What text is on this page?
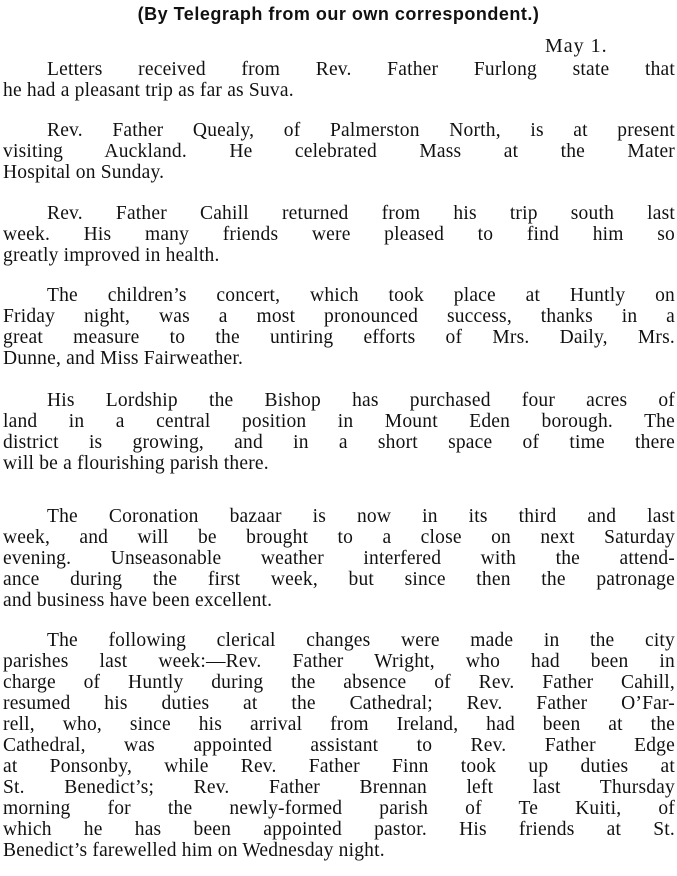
(By Telegraph from our own correspondent.)
May 1.
Letters received from Rev. Father Furlong state that
he had a pleasant trip as far as Suva.
Rev. Father Quealy, of Palmerston North, is at present
visiting Auckland. He celebrated Mass at the Mater
Hospital on Sunday.
Rev. Father Cahill returned from his trip south last
week. His many friends were pleased to find him so
greatly improved in health.
The children’s concert, which took place at Huntly on
Friday night, was a most pronounced success, thanks in a
great measure to the untiring efforts of Mrs. Daily, Mrs.
Dunne, and Miss Fairweather.
His Lordship the Bishop has purchased four acres of
land in a central position in Mount Eden borough. The
district is growing, and in a short space of time there
will be a flourishing parish there.
The Coronation bazaar is now in its third and last
week, and will be brought to a close on next Saturday
evening. Unseasonable weather interfered with the attend-
ance during the first week, but since then the patronage
and business have been excellent.
The following clerical changes were made in the city
parishes last week:—Rev. Father Wright, who had been in
charge of Huntly during the absence of Rev. Father Cahill,
resumed his duties at the Cathedral; Rev. Father O’Far-
rell, who, since his arrival from Ireland, had been at the
Cathedral, was appointed assistant to Rev. Father Edge
at Ponsonby, while Rev. Father Finn took up duties at
St. Benedict’s; Rev. Father Brennan left last Thursday
morning for the newly-formed parish of Te Kuiti, of
which he has been appointed pastor. His friends at St.
Benedict’s farewelled him on Wednesday night.
